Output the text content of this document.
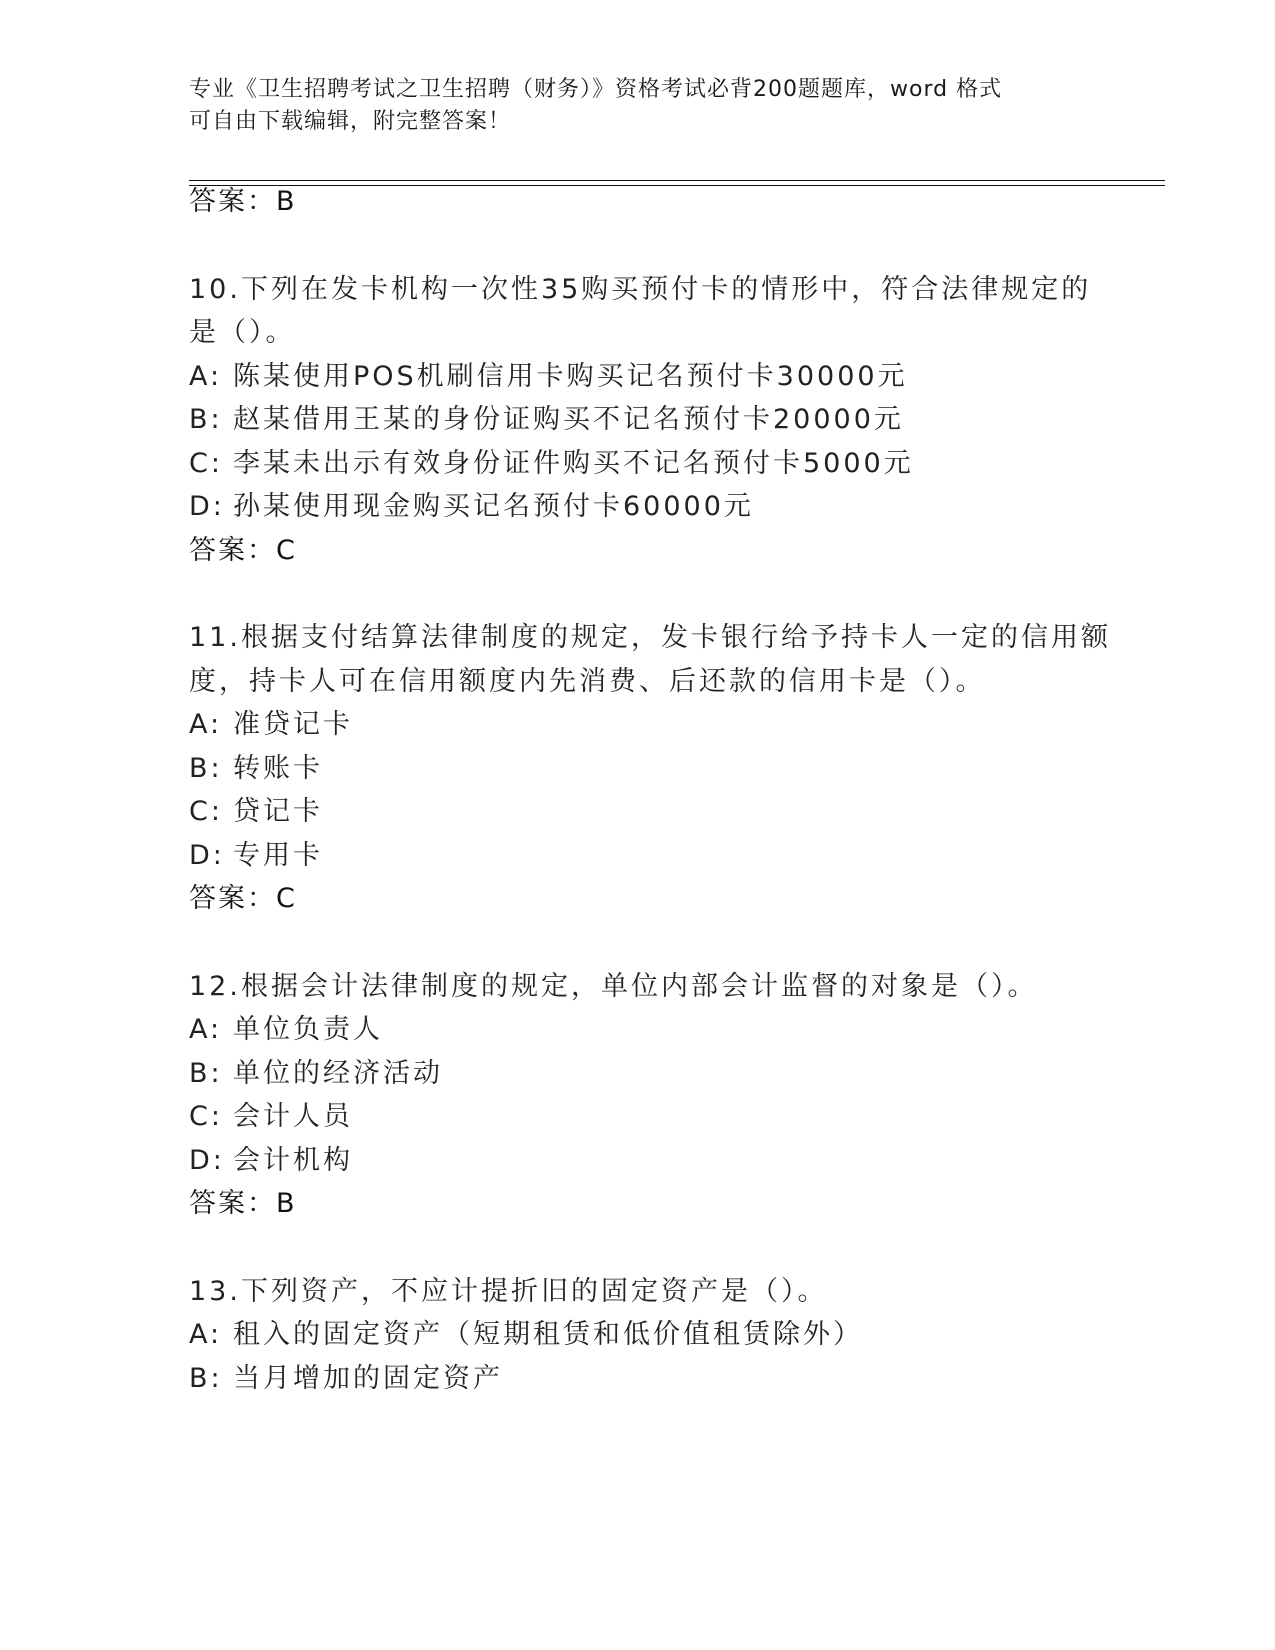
专业《卫生招聘考试之卫生招聘（财务）》资格考试必背200题题库，word 格式
可自由下载编辑，附完整答案！
答案：B
10.下列在发卡机构一次性35购买预付卡的情形中，符合法律规定的
是（）。
A: 陈某使用POS机刷信用卡购买记名预付卡30000元
B: 赵某借用王某的身份证购买不记名预付卡20000元
C: 李某未出示有效身份证件购买不记名预付卡5000元
D: 孙某使用现金购买记名预付卡60000元
答案：C
11.根据支付结算法律制度的规定，发卡银行给予持卡人一定的信用额
度，持卡人可在信用额度内先消费、后还款的信用卡是（）。
A: 准贷记卡
B: 转账卡
C: 贷记卡
D: 专用卡
答案：C
12.根据会计法律制度的规定，单位内部会计监督的对象是（）。
A: 单位负责人
B: 单位的经济活动
C: 会计人员
D: 会计机构
答案：B
13.下列资产，不应计提折旧的固定资产是（）。
A: 租入的固定资产（短期租赁和低价值租赁除外）
B: 当月增加的固定资产
